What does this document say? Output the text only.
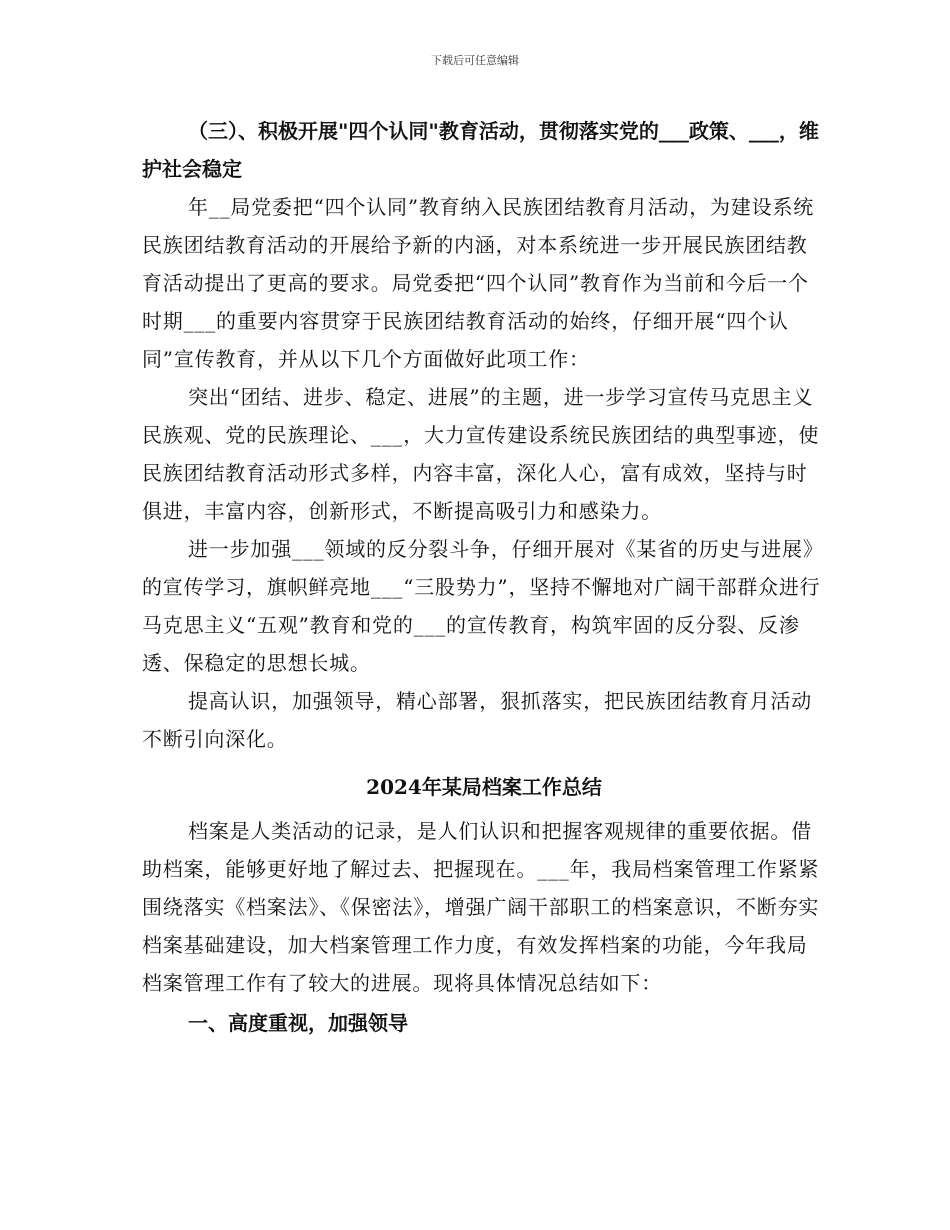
下载后可任意编辑
（三）、积极开展"四个认同"教育活动，贯彻落实党的___政策、___，维护社会稳定

年__局党委把“四个认同”教育纳入民族团结教育月活动，为建设系统民族团结教育活动的开展给予新的内涵，对本系统进一步开展民族团结教育活动提出了更高的要求。局党委把“四个认同”教育作为当前和今后一个时期___的重要内容贯穿于民族团结教育活动的始终，仔细开展“四个认同”宣传教育，并从以下几个方面做好此项工作：

突出“团结、进步、稳定、进展”的主题，进一步学习宣传马克思主义民族观、党的民族理论、___，大力宣传建设系统民族团结的典型事迹，使民族团结教育活动形式多样，内容丰富，深化人心，富有成效，坚持与时俱进，丰富内容，创新形式，不断提高吸引力和感染力。

进一步加强___领域的反分裂斗争，仔细开展对《某省的历史与进展》的宣传学习，旗帜鲜亮地___“三股势力”，坚持不懈地对广阔干部群众进行马克思主义“五观”教育和党的___的宣传教育，构筑牢固的反分裂、反渗透、保稳定的思想长城。

提高认识，加强领导，精心部署，狠抓落实，把民族团结教育月活动不断引向深化。

2024年某局档案工作总结

档案是人类活动的记录，是人们认识和把握客观规律的重要依据。借助档案，能够更好地了解过去、把握现在。___年，我局档案管理工作紧紧围绕落实《档案法》、《保密法》，增强广阔干部职工的档案意识，不断夯实档案基础建设，加大档案管理工作力度，有效发挥档案的功能，今年我局档案管理工作有了较大的进展。现将具体情况总结如下：

一、高度重视，加强领导
